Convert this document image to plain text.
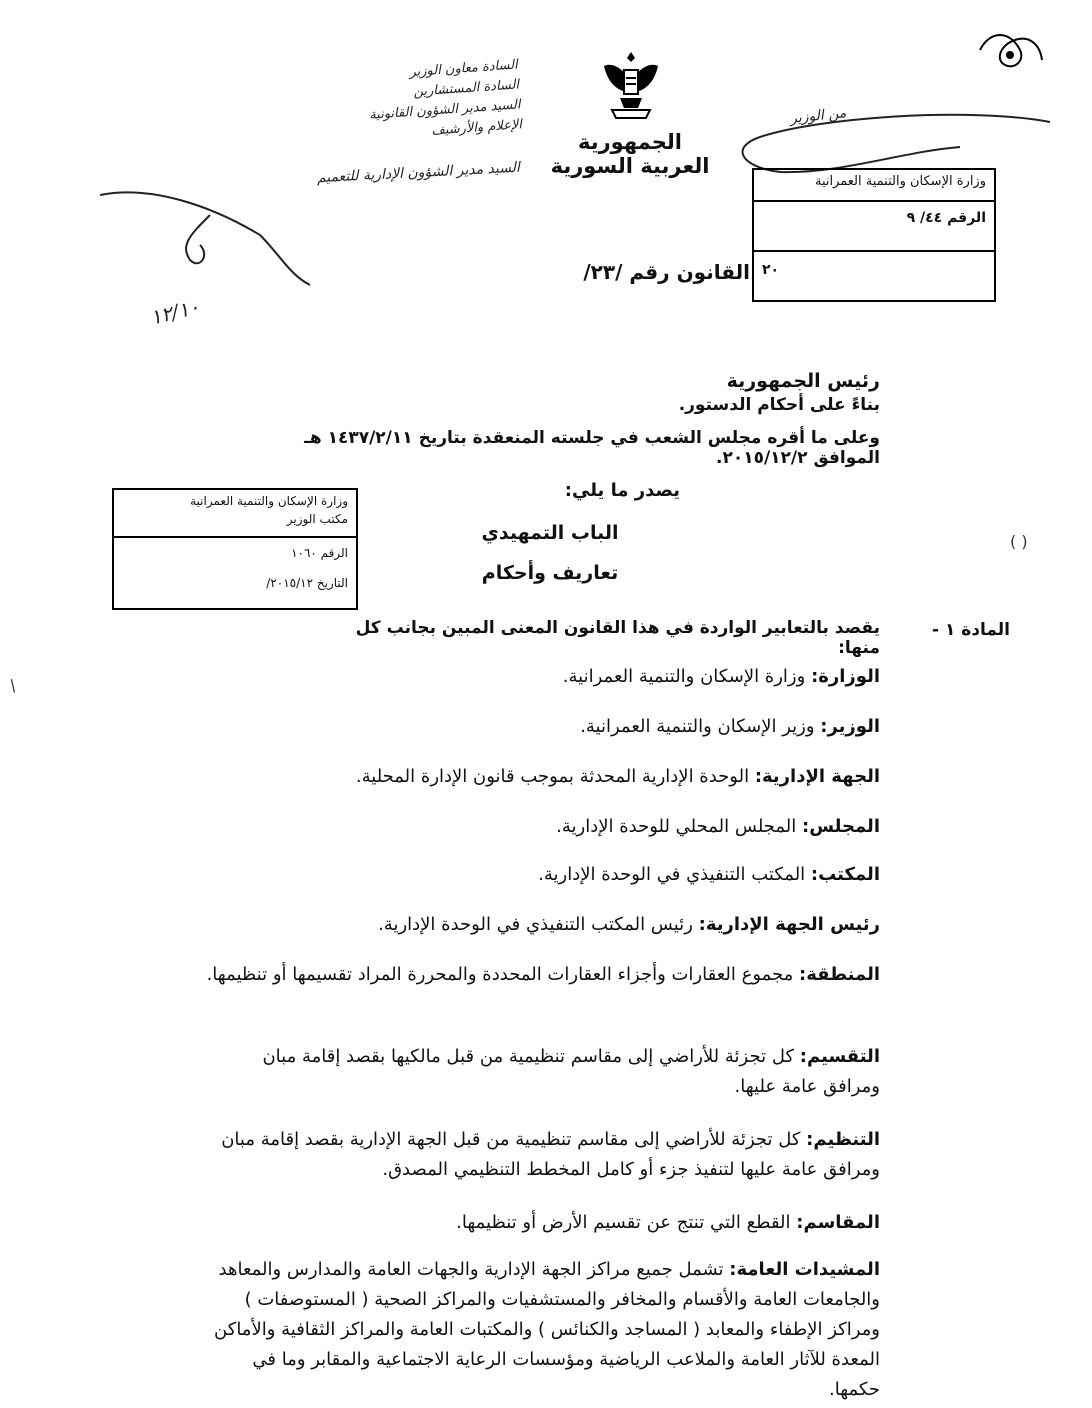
الجمهورية العربية السورية
السادة معاون الوزير
السادة المستشارين
السيد مدير الشؤون القانونية
الإعلام والأرشيف
السيد مدير الشؤون الإدارية للتعميم
١٢/١٠
من الوزير
وزارة الإسكان والتنمية العمرانية
الرقم ٤٤/ ٩
٢٠
القانون رقم /٢٣/
رئيس الجمهورية
بناءً على أحكام الدستور.
وعلى ما أقره مجلس الشعب في جلسته المنعقدة بتاريخ ١٤٣٧/٢/١١ هـ الموافق ٢٠١٥/١٢/٢.
يصدر ما يلي:
وزارة الإسكان والتنمية العمرانية
مكتب الوزير
الرقم ١٠٦٠
التاريخ ٢٠١٥/١٢/
الباب التمهيدي
تعاريف وأحكام
( )
/
المادة ١ -
يقصد بالتعابير الواردة في هذا القانون المعنى المبين بجانب كل منها:
الوزارة: وزارة الإسكان والتنمية العمرانية.
الوزير: وزير الإسكان والتنمية العمرانية.
الجهة الإدارية: الوحدة الإدارية المحدثة بموجب قانون الإدارة المحلية.
المجلس: المجلس المحلي للوحدة الإدارية.
المكتب: المكتب التنفيذي في الوحدة الإدارية.
رئيس الجهة الإدارية: رئيس المكتب التنفيذي في الوحدة الإدارية.
المنطقة: مجموع العقارات وأجزاء العقارات المحددة والمحررة المراد تقسيمها أو تنظيمها.
التقسيم: كل تجزئة للأراضي إلى مقاسم تنظيمية من قبل مالكيها بقصد إقامة مبان ومرافق عامة عليها.
التنظيم: كل تجزئة للأراضي إلى مقاسم تنظيمية من قبل الجهة الإدارية بقصد إقامة مبان ومرافق عامة عليها لتنفيذ جزء أو كامل المخطط التنظيمي المصدق.
المقاسم: القطع التي تنتج عن تقسيم الأرض أو تنظيمها.
المشيدات العامة: تشمل جميع مراكز الجهة الإدارية والجهات العامة والمدارس والمعاهد والجامعات العامة والأقسام والمخافر والمستشفيات والمراكز الصحية ( المستوصفات ) ومراكز الإطفاء والمعابد ( المساجد والكنائس ) والمكتبات العامة والمراكز الثقافية والأماكن المعدة للآثار العامة والملاعب الرياضية ومؤسسات الرعاية الاجتماعية والمقابر وما في حكمها.
